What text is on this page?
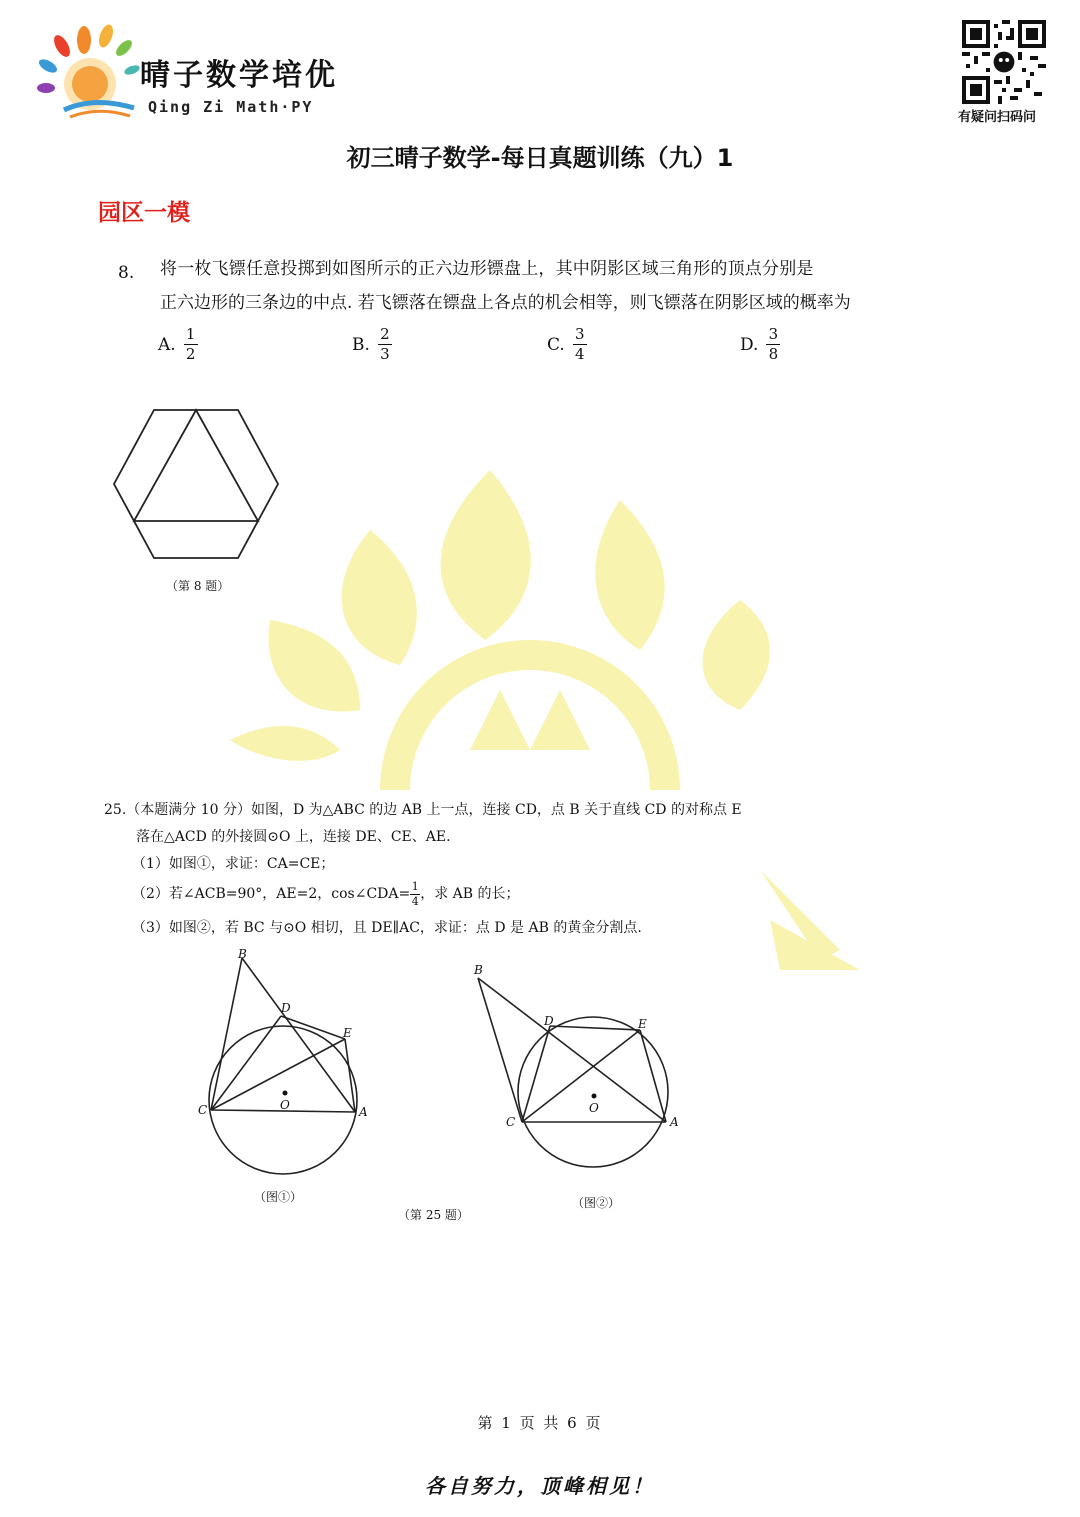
晴子数学培优
Qing Zi Math·PY
有疑问扫码问
初三晴子数学-每日真题训练（九）1
园区一模
8. 将一枚飞镖任意投掷到如图所示的正六边形镖盘上，其中阴影区域三角形的顶点分别是
正六边形的三条边的中点. 若飞镖落在镖盘上各点的机会相等，则飞镖落在阴影区域的概率为
A. $\frac{1}{2}$	B. $\frac{2}{3}$	C. $\frac{3}{4}$	D. $\frac{3}{8}$
（第 8 题）
25.（本题满分 10 分）如图，D 为△ABC 的边 AB 上一点，连接 CD，点 B 关于直线 CD 的对称点 E
落在△ACD 的外接圆⊙O 上，连接 DE、CE、AE.
（1）如图①，求证：CA=CE；
（2）若∠ACB=90°，AE=2，cos∠CDA= $\frac{1}{4}$ ，求 AB 的长；
（3）如图②，若 BC 与⊙O 相切，且 DE∥AC，求证：点 D 是 AB 的黄金分割点.
B
D
E
C	O	A
（图①）
B
D	E
C
O
A
（图②）
（第 25 题）
第 1 页 共 6 页
各自努力，顶峰相见！
